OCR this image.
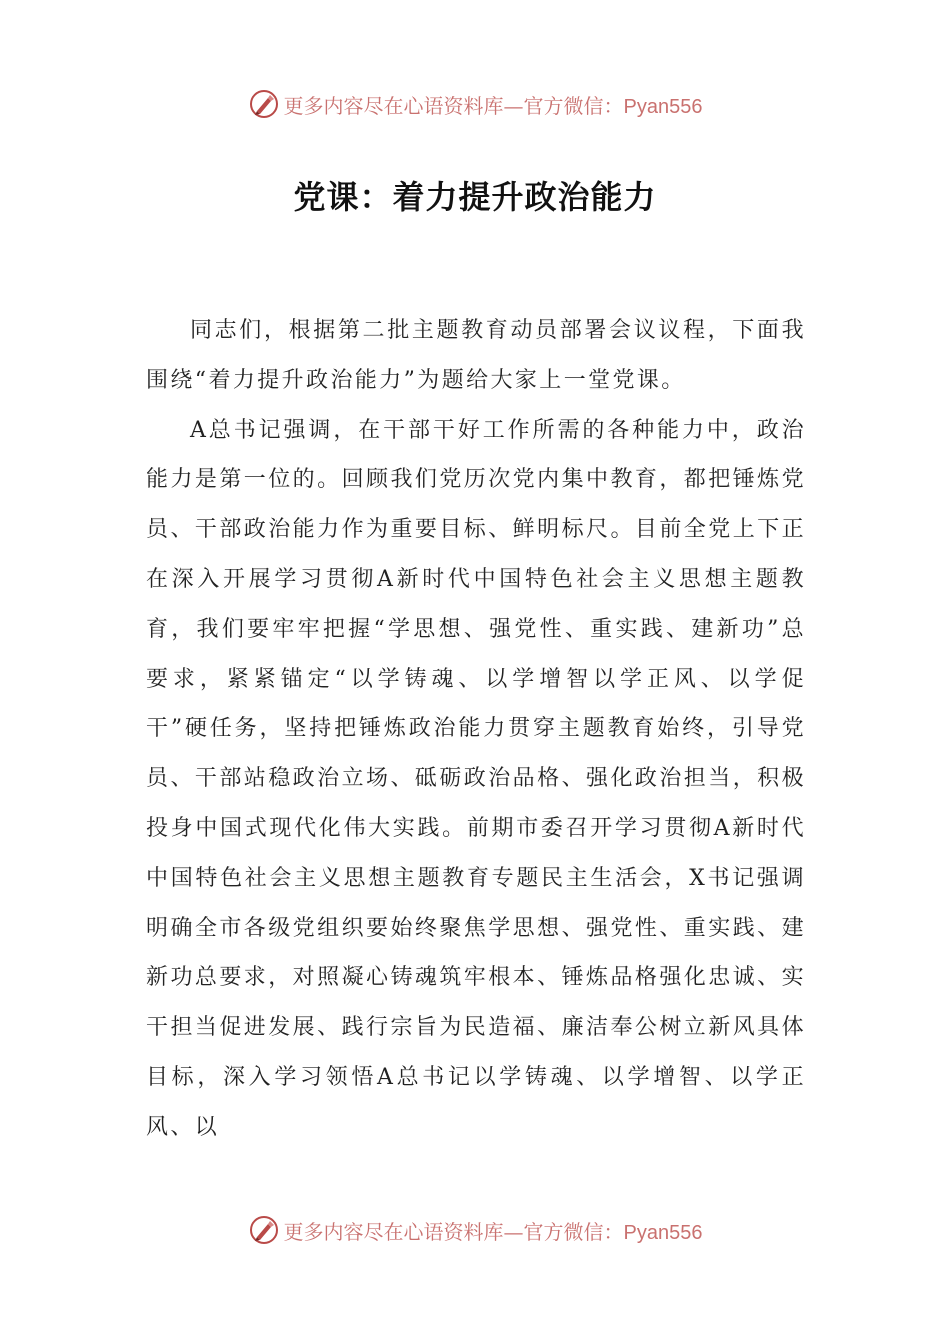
更多内容尽在心语资料库—官方微信：Pyan556
党课：着力提升政治能力

同志们，根据第二批主题教育动员部署会议议程，下面我围绕“着力提升政治能力”为题给大家上一堂党课。

A总书记强调，在干部干好工作所需的各种能力中，政治能力是第一位的。回顾我们党历次党内集中教育，都把锤炼党员、干部政治能力作为重要目标、鲜明标尺。目前全党上下正在深入开展学习贯彻A新时代中国特色社会主义思想主题教育，我们要牢牢把握“学思想、强党性、重实践、建新功”总要求，紧紧锚定“以学铸魂、以学增智以学正风、以学促干”硬任务，坚持把锤炼政治能力贯穿主题教育始终，引导党员、干部站稳政治立场、砥砺政治品格、强化政治担当，积极投身中国式现代化伟大实践。前期市委召开学习贯彻A新时代中国特色社会主义思想主题教育专题民主生活会，X书记强调明确全市各级党组织要始终聚焦学思想、强党性、重实践、建新功总要求，对照凝心铸魂筑牢根本、锤炼品格强化忠诚、实干担当促进发展、践行宗旨为民造福、廉洁奉公树立新风具体目标，深入学习领悟A总书记以学铸魂、以学增智、以学正风、以

更多内容尽在心语资料库—官方微信：Pyan556
